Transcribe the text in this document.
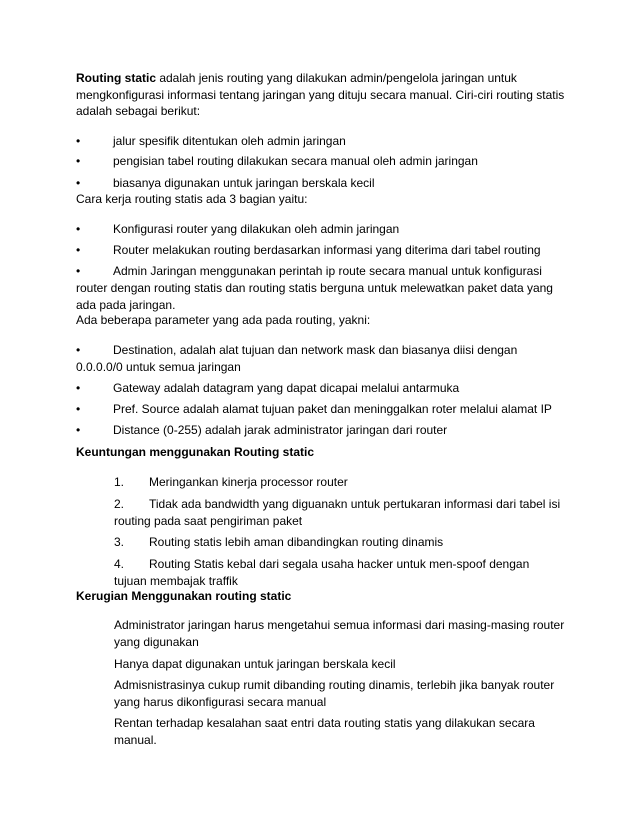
Routing static adalah jenis routing yang dilakukan admin/pengelola jaringan untuk
mengkonfigurasi informasi tentang jaringan yang dituju secara manual. Ciri-ciri routing statis
adalah sebagai berikut:
•	jalur spesifik ditentukan oleh admin jaringan
•	pengisian tabel routing dilakukan secara manual oleh admin jaringan
•	biasanya digunakan untuk jaringan berskala kecil
Cara kerja routing statis ada 3 bagian yaitu:
•	Konfigurasi router yang dilakukan oleh admin jaringan
•	Router melakukan routing berdasarkan informasi yang diterima dari tabel routing
•	Admin Jaringan menggunakan perintah ip route secara manual untuk konfigurasi
router dengan routing statis dan routing statis berguna untuk melewatkan paket data yang
ada pada jaringan.
Ada beberapa parameter yang ada pada routing, yakni:
•	Destination, adalah alat tujuan dan network mask dan biasanya diisi dengan
0.0.0.0/0 untuk semua jaringan
•	Gateway adalah datagram yang dapat dicapai melalui antarmuka
•	Pref. Source adalah alamat tujuan paket dan meninggalkan roter melalui alamat IP
•	Distance (0-255) adalah jarak administrator jaringan dari router
Keuntungan menggunakan Routing static
1. Meringankan kinerja processor router
2. Tidak ada bandwidth yang diguanakn untuk pertukaran informasi dari tabel isi
routing pada saat pengiriman paket
3. Routing statis lebih aman dibandingkan routing dinamis
4. Routing Statis kebal dari segala usaha hacker untuk men-spoof dengan
tujuan membajak traffik
Kerugian Menggunakan routing static
Administrator jaringan harus mengetahui semua informasi dari masing-masing router
yang digunakan
Hanya dapat digunakan untuk jaringan berskala kecil
Admisnistrasinya cukup rumit dibanding routing dinamis, terlebih jika banyak router
yang harus dikonfigurasi secara manual
Rentan terhadap kesalahan saat entri data routing statis yang dilakukan secara
manual.
